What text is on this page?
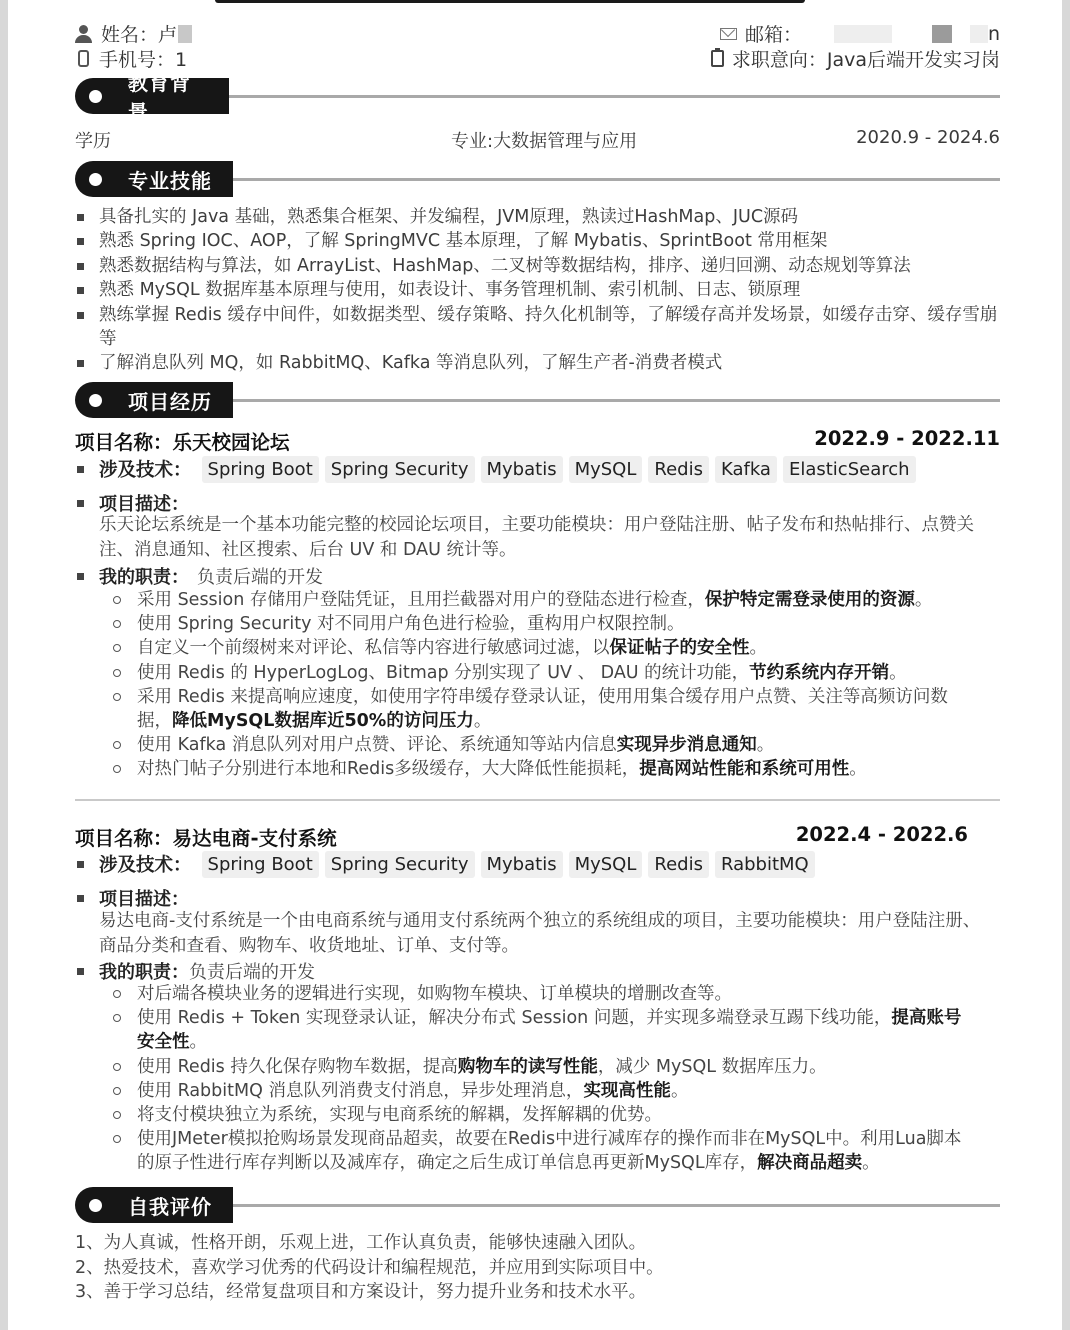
姓名：卢	邮箱：	n
手机号：1	求职意向：Java后端开发实习岗
教育背景
学历	专业:大数据管理与应用	2020.9 - 2024.6
专业技能
具备扎实的 Java 基础，熟悉集合框架、并发编程，JVM原理，熟读过HashMap、JUC源码
熟悉 Spring IOC、AOP，了解 SpringMVC 基本原理，了解 Mybatis、SprintBoot 常用框架
熟悉数据结构与算法，如 ArrayList、HashMap、二叉树等数据结构，排序、递归回溯、动态规划等算法
熟悉 MySQL 数据库基本原理与使用，如表设计、事务管理机制、索引机制、日志、锁原理
熟练掌握 Redis 缓存中间件，如数据类型、缓存策略、持久化机制等，了解缓存高并发场景，如缓存击穿、缓存雪崩等
了解消息队列 MQ，如 RabbitMQ、Kafka 等消息队列，了解生产者-消费者模式
项目经历
项目名称：乐天校园论坛	2022.9 - 2022.11
涉及技术： Spring Boot	Spring Security	Mybatis	MySQL	Redis	Kafka	ElasticSearch
项目描述：

乐天论坛系统是一个基本功能完整的校园论坛项目，主要功能模块：用户登陆注册、帖子发布和热帖排行、点赞关注、消息通知、社区搜索、后台 UV 和 DAU 统计等。

我的职责： 负责后端的开发
采用 Session 存储用户登陆凭证，且用拦截器对用户的登陆态进行检查，保护特定需登录使用的资源。
使用 Spring Security 对不同用户角色进行检验，重构用户权限控制。
自定义一个前缀树来对评论、私信等内容进行敏感词过滤，以保证帖子的安全性。
使用 Redis 的 HyperLogLog、Bitmap 分别实现了 UV 、 DAU 的统计功能，节约系统内存开销。
采用 Redis 来提高响应速度，如使用字符串缓存登录认证，使用用集合缓存用户点赞、关注等高频访问数据，降低MySQL数据库近50%的访问压力。
使用 Kafka 消息队列对用户点赞、评论、系统通知等站内信息实现异步消息通知。
对热门帖子分别进行本地和Redis多级缓存，大大降低性能损耗，提高网站性能和系统可用性。
项目名称：易达电商-支付系统	2022.4 - 2022.6
涉及技术： Spring Boot	Spring Security	Mybatis	MySQL	Redis	RabbitMQ
项目描述：

易达电商-支付系统是一个由电商系统与通用支付系统两个独立的系统组成的项目，主要功能模块：用户登陆注册、商品分类和查看、购物车、收货地址、订单、支付等。

我的职责： 负责后端的开发
对后端各模块业务的逻辑进行实现，如购物车模块、订单模块的增删改查等。
使用 Redis + Token 实现登录认证，解决分布式 Session 问题，并实现多端登录互踢下线功能，提高账号安全性。
使用 Redis 持久化保存购物车数据，提高购物车的读写性能，减少 MySQL 数据库压力。
使用 RabbitMQ 消息队列消费支付消息，异步处理消息，实现高性能。
将支付模块独立为系统，实现与电商系统的解耦，发挥解耦的优势。
使用JMeter模拟抢购场景发现商品超卖，故要在Redis中进行减库存的操作而非在MySQL中。利用Lua脚本的原子性进行库存判断以及减库存，确定之后生成订单信息再更新MySQL库存，解决商品超卖。
自我评价
1、为人真诚，性格开朗，乐观上进，工作认真负责，能够快速融入团队。
2、热爱技术，喜欢学习优秀的代码设计和编程规范，并应用到实际项目中。
3、善于学习总结，经常复盘项目和方案设计，努力提升业务和技术水平。
